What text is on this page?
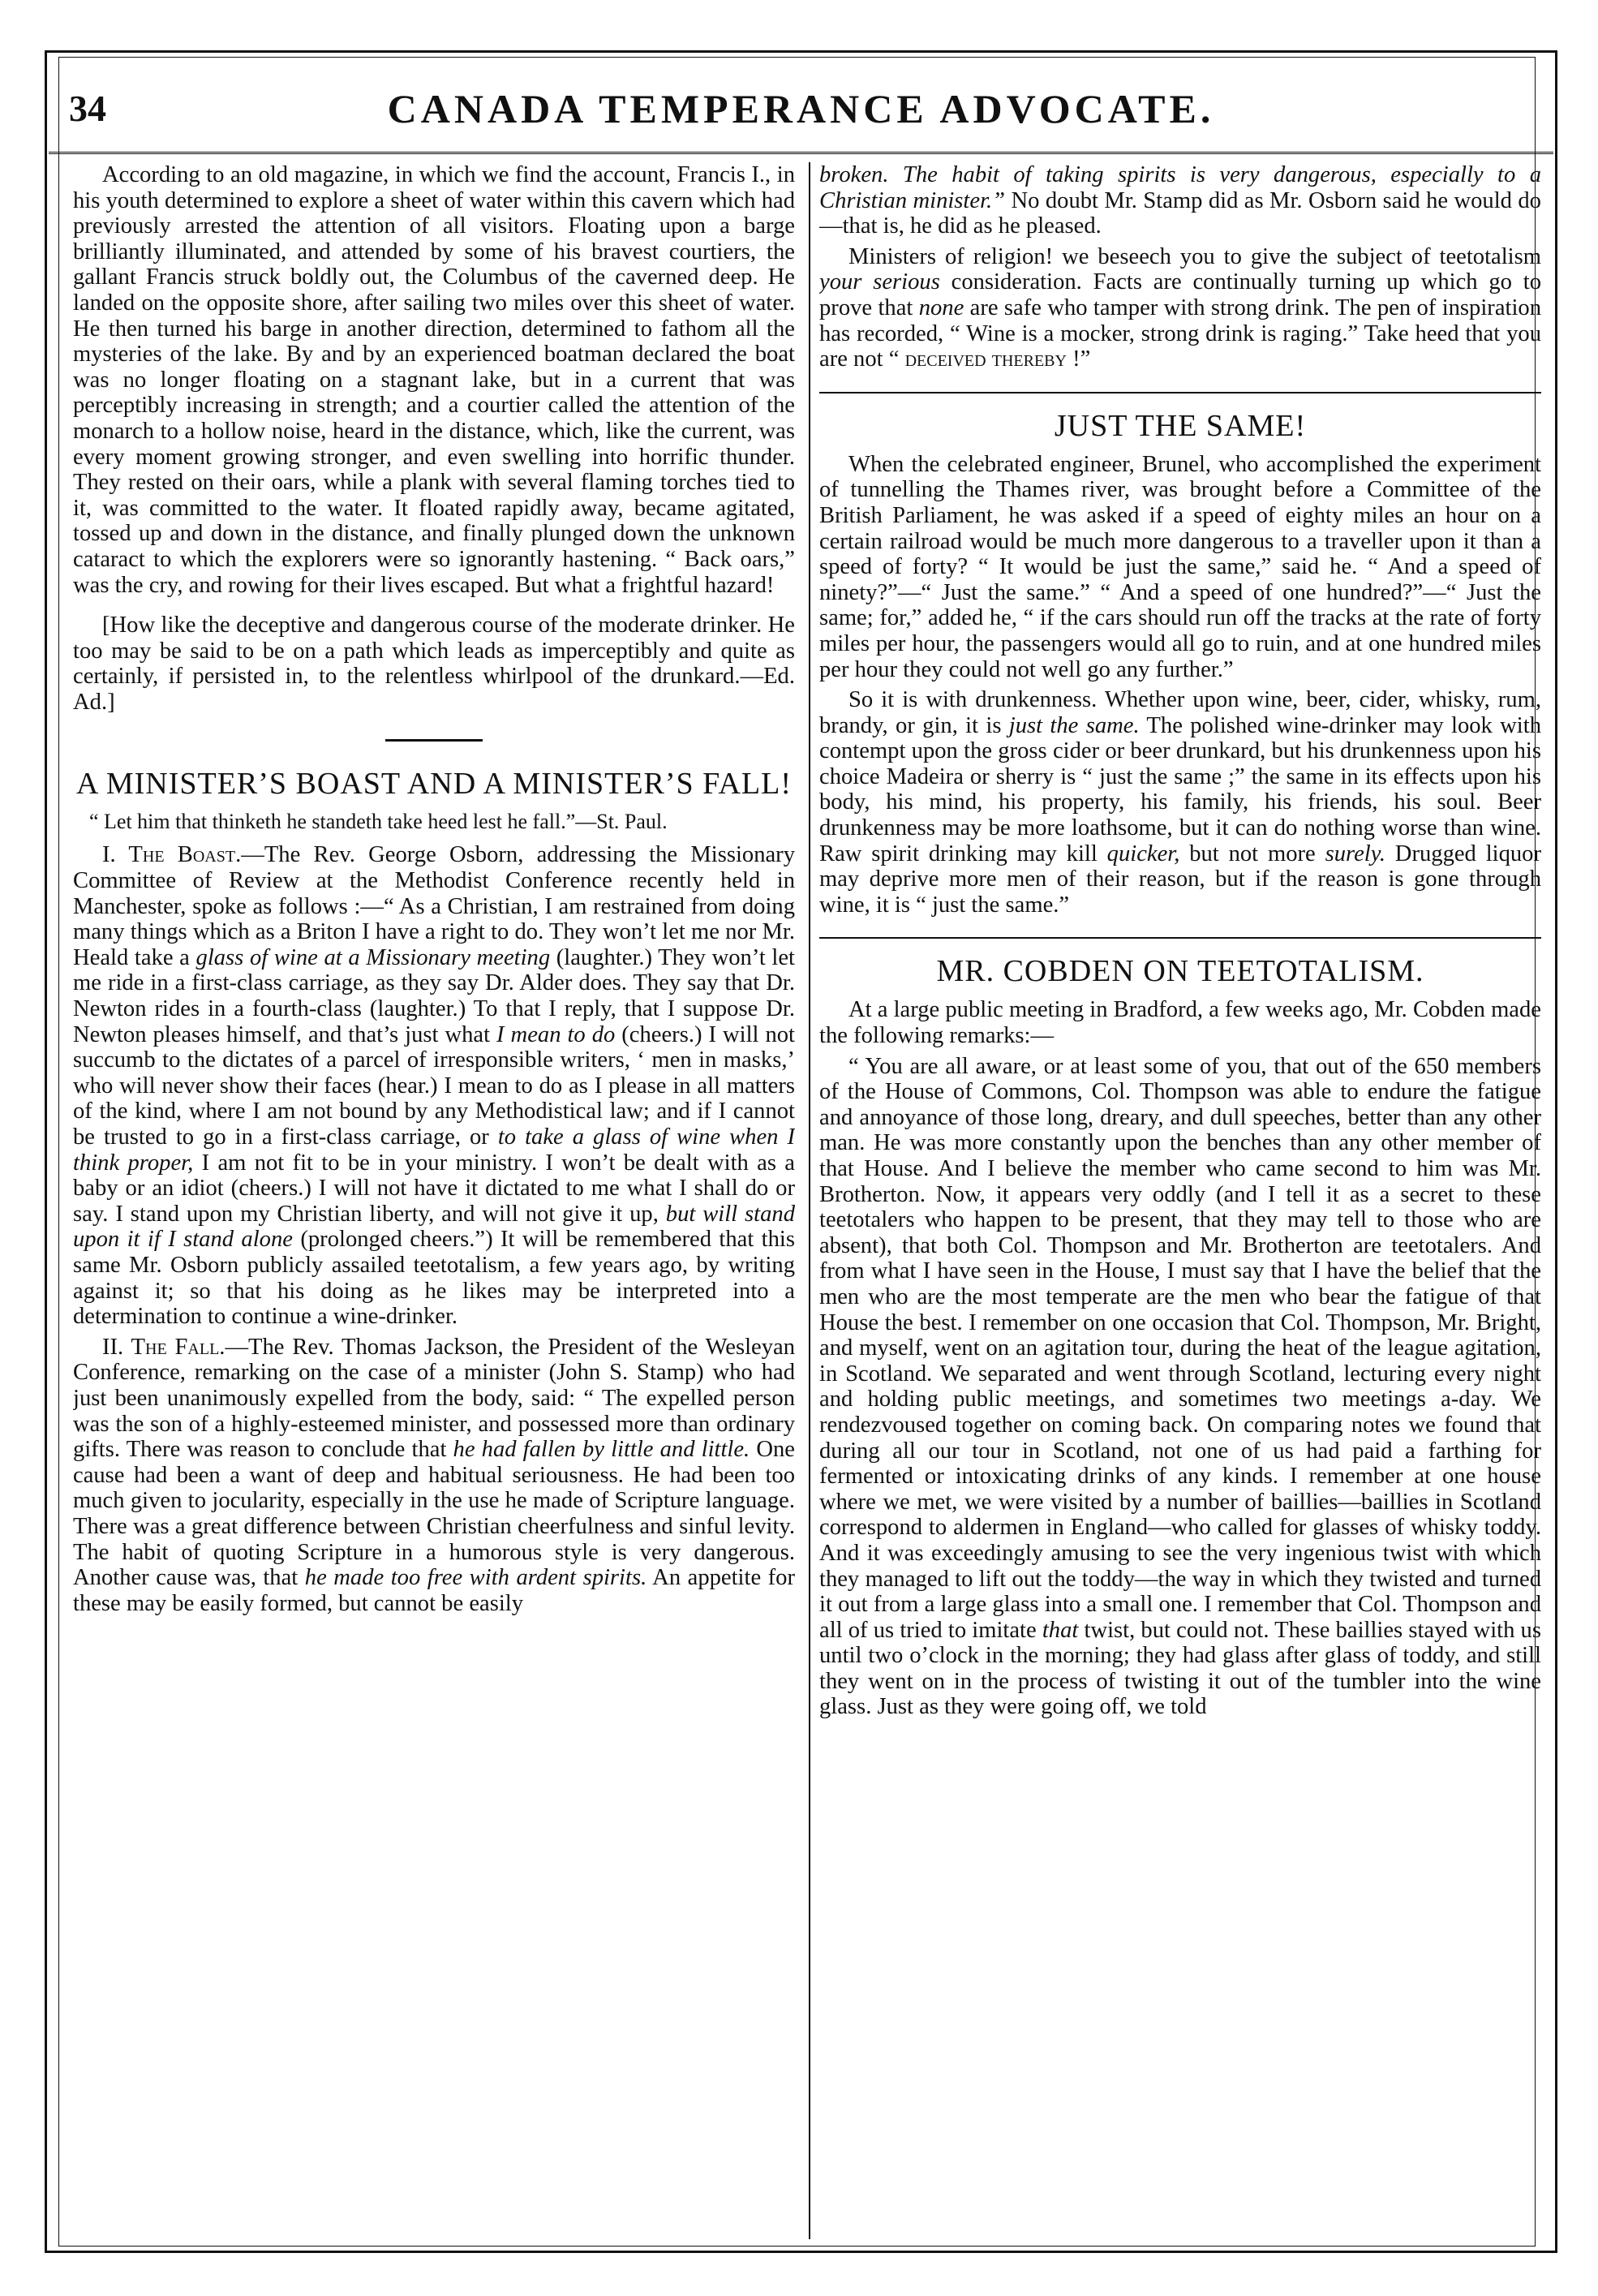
34	CANADA TEMPERANCE ADVOCATE.

According to an old magazine, in which we find the account, Francis I., in his youth determined to explore a sheet of water within this cavern which had previously arrested the attention of all visitors. Floating upon a barge brilliantly illuminated, and attended by some of his bravest courtiers, the gallant Francis struck boldly out, the Columbus of the caverned deep. He landed on the opposite shore, after sailing two miles over this sheet of water. He then turned his barge in another direction, determined to fathom all the mysteries of the lake. By and by an experienced boatman declared the boat was no longer floating on a stagnant lake, but in a current that was perceptibly increasing in strength; and a courtier called the attention of the monarch to a hollow noise, heard in the distance, which, like the current, was every moment growing stronger, and even swelling into horrific thunder. They rested on their oars, while a plank with several flaming torches tied to it, was committed to the water. It floated rapidly away, became agitated, tossed up and down in the distance, and finally plunged down the unknown cataract to which the explorers were so ignorantly hastening. “ Back oars,” was the cry, and rowing for their lives escaped. But what a frightful hazard!

[How like the deceptive and dangerous course of the moderate drinker. He too may be said to be on a path which leads as imperceptibly and quite as certainly, if persisted in, to the relentless whirlpool of the drunkard.—Ed. Ad.]

A MINISTER’S BOAST AND A MINISTER’S FALL!

“ Let him that thinketh he standeth take heed lest he fall.”—St. Paul.

I. The Boast.—The Rev. George Osborn, addressing the Missionary Committee of Review at the Methodist Conference recently held in Manchester, spoke as follows :—“ As a Christian, I am restrained from doing many things which as a Briton I have a right to do. They won’t let me nor Mr. Heald take a glass of wine at a Missionary meeting (laughter.) They won’t let me ride in a first-class carriage, as they say Dr. Alder does. They say that Dr. Newton rides in a fourth-class (laughter.) To that I reply, that I suppose Dr. Newton pleases himself, and that’s just what I mean to do (cheers.) I will not succumb to the dictates of a parcel of irresponsible writers, ‘ men in masks,’ who will never show their faces (hear.) I mean to do as I please in all matters of the kind, where I am not bound by any Methodistical law; and if I cannot be trusted to go in a first-class carriage, or to take a glass of wine when I think proper, I am not fit to be in your ministry. I won’t be dealt with as a baby or an idiot (cheers.) I will not have it dictated to me what I shall do or say. I stand upon my Christian liberty, and will not give it up, but will stand upon it if I stand alone (prolonged cheers.”) It will be remembered that this same Mr. Osborn publicly assailed teetotalism, a few years ago, by writing against it; so that his doing as he likes may be interpreted into a determination to continue a wine-drinker.

II. The Fall.—The Rev. Thomas Jackson, the President of the Wesleyan Conference, remarking on the case of a minister (John S. Stamp) who had just been unanimously expelled from the body, said: “ The expelled person was the son of a highly-esteemed minister, and possessed more than ordinary gifts. There was reason to conclude that he had fallen by little and little. One cause had been a want of deep and habitual seriousness. He had been too much given to jocularity, especially in the use he made of Scripture language. There was a great difference between Christian cheerfulness and sinful levity. The habit of quoting Scripture in a humorous style is very dangerous. Another cause was, that he made too free with ardent spirits. An appetite for these may be easily formed, but cannot be easily

broken. The habit of taking spirits is very dangerous, especially to a Christian minister.” No doubt Mr. Stamp did as Mr. Osborn said he would do—that is, he did as he pleased.

Ministers of religion! we beseech you to give the subject of teetotalism your serious consideration. Facts are continually turning up which go to prove that none are safe who tamper with strong drink. The pen of inspiration has recorded, “ Wine is a mocker, strong drink is raging.” Take heed that you are not “ deceived thereby !”

JUST THE SAME!

When the celebrated engineer, Brunel, who accomplished the experiment of tunnelling the Thames river, was brought before a Committee of the British Parliament, he was asked if a speed of eighty miles an hour on a certain railroad would be much more dangerous to a traveller upon it than a speed of forty? “ It would be just the same,” said he. “ And a speed of ninety?”—“ Just the same.” “ And a speed of one hundred?”—“ Just the same; for,” added he, “ if the cars should run off the tracks at the rate of forty miles per hour, the passengers would all go to ruin, and at one hundred miles per hour they could not well go any further.”

So it is with drunkenness. Whether upon wine, beer, cider, whisky, rum, brandy, or gin, it is just the same. The polished wine-drinker may look with contempt upon the gross cider or beer drunkard, but his drunkenness upon his choice Madeira or sherry is “ just the same ;” the same in its effects upon his body, his mind, his property, his family, his friends, his soul. Beer drunkenness may be more loathsome, but it can do nothing worse than wine. Raw spirit drinking may kill quicker, but not more surely. Drugged liquor may deprive more men of their reason, but if the reason is gone through wine, it is “ just the same.”

MR. COBDEN ON TEETOTALISM.

At a large public meeting in Bradford, a few weeks ago, Mr. Cobden made the following remarks:—

“ You are all aware, or at least some of you, that out of the 650 members of the House of Commons, Col. Thompson was able to endure the fatigue and annoyance of those long, dreary, and dull speeches, better than any other man. He was more constantly upon the benches than any other member of that House. And I believe the member who came second to him was Mr. Brotherton. Now, it appears very oddly (and I tell it as a secret to these teetotalers who happen to be present, that they may tell to those who are absent), that both Col. Thompson and Mr. Brotherton are teetotalers. And from what I have seen in the House, I must say that I have the belief that the men who are the most temperate are the men who bear the fatigue of that House the best. I remember on one occasion that Col. Thompson, Mr. Bright, and myself, went on an agitation tour, during the heat of the league agitation, in Scotland. We separated and went through Scotland, lecturing every night and holding public meetings, and sometimes two meetings a-day. We rendezvoused together on coming back. On comparing notes we found that during all our tour in Scotland, not one of us had paid a farthing for fermented or intoxicating drinks of any kinds. I remember at one house where we met, we were visited by a number of baillies—baillies in Scotland correspond to aldermen in England—who called for glasses of whisky toddy. And it was exceedingly amusing to see the very ingenious twist with which they managed to lift out the toddy—the way in which they twisted and turned it out from a large glass into a small one. I remember that Col. Thompson and all of us tried to imitate that twist, but could not. These baillies stayed with us until two o’clock in the morning; they had glass after glass of toddy, and still they went on in the process of twisting it out of the tumbler into the wine glass. Just as they were going off, we told
